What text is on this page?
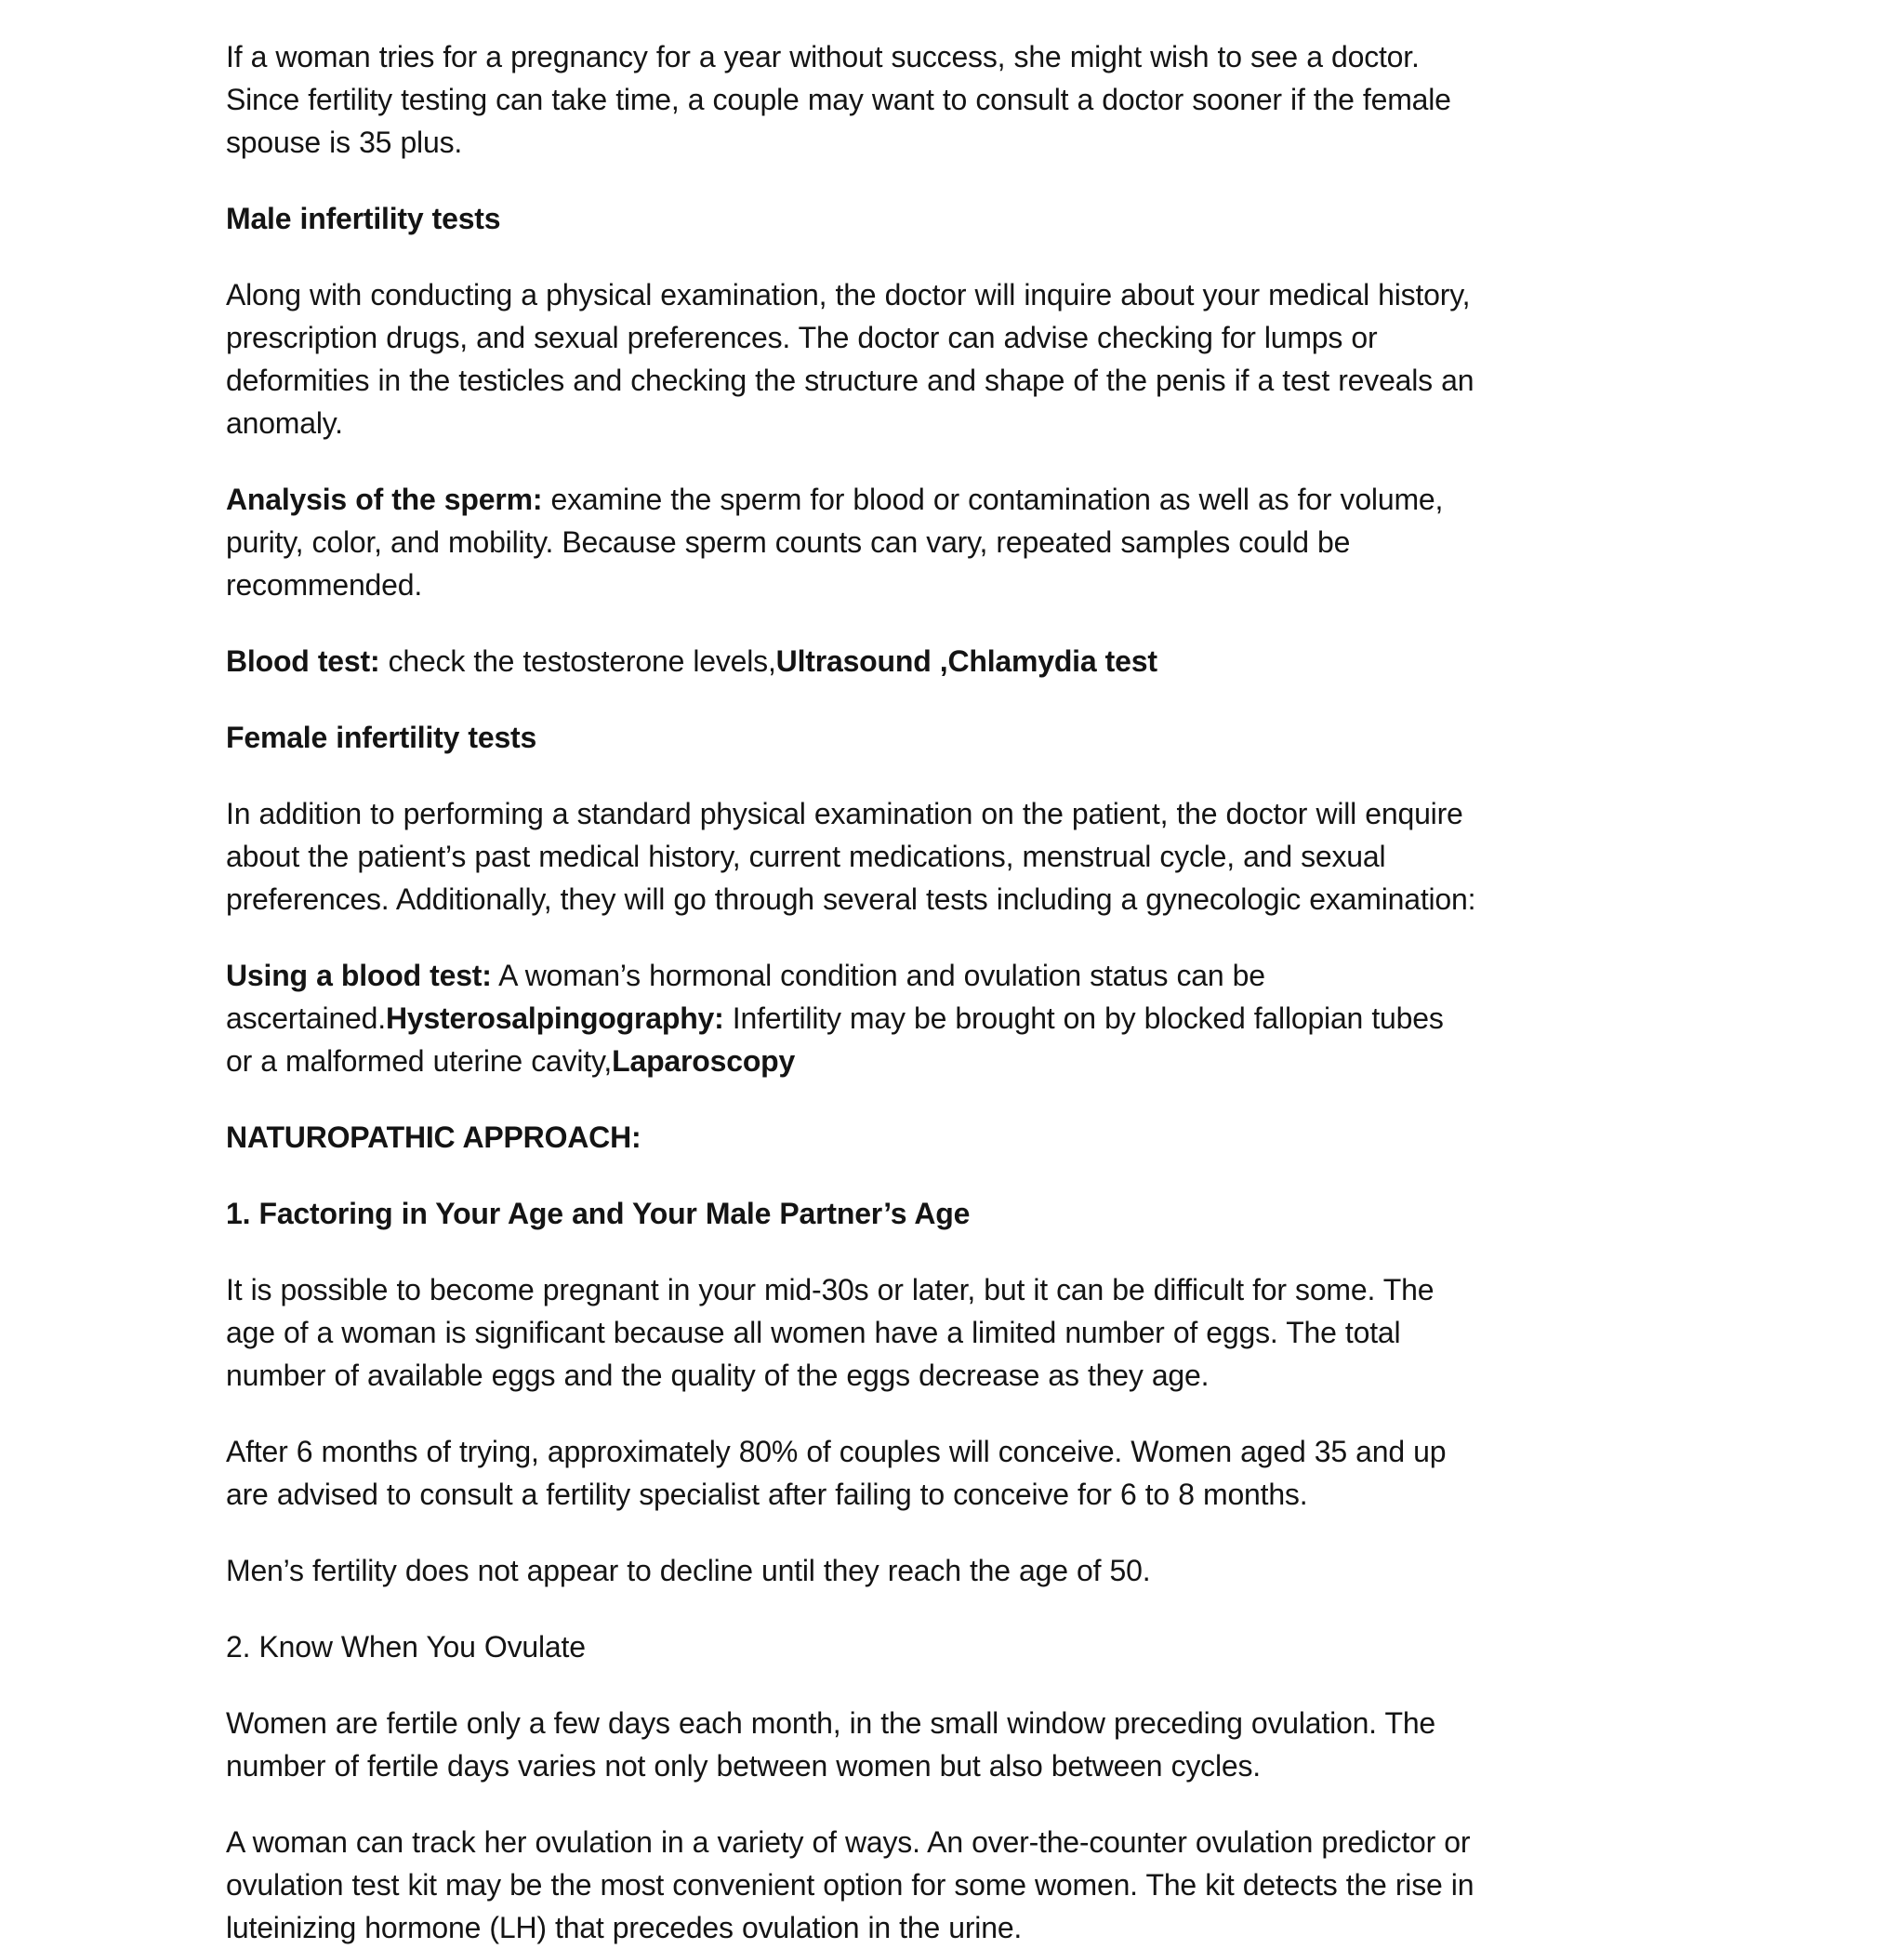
If a woman tries for a pregnancy for a year without success, she might wish to see a doctor. Since fertility testing can take time, a couple may want to consult a doctor sooner if the female spouse is 35 plus.

Male infertility tests

Along with conducting a physical examination, the doctor will inquire about your medical history, prescription drugs, and sexual preferences. The doctor can advise checking for lumps or deformities in the testicles and checking the structure and shape of the penis if a test reveals an anomaly.

Analysis of the sperm: examine the sperm for blood or contamination as well as for volume, purity, color, and mobility. Because sperm counts can vary, repeated samples could be recommended.

Blood test: check the testosterone levels,Ultrasound ,Chlamydia test

Female infertility tests

In addition to performing a standard physical examination on the patient, the doctor will enquire about the patient’s past medical history, current medications, menstrual cycle, and sexual preferences. Additionally, they will go through several tests including a gynecologic examination:

Using a blood test: A woman’s hormonal condition and ovulation status can be ascertained.Hysterosalpingography: Infertility may be brought on by blocked fallopian tubes or a malformed uterine cavity,Laparoscopy

NATUROPATHIC APPROACH:

1. Factoring in Your Age and Your Male Partner’s Age

It is possible to become pregnant in your mid-30s or later, but it can be difficult for some. The age of a woman is significant because all women have a limited number of eggs. The total number of available eggs and the quality of the eggs decrease as they age.

After 6 months of trying, approximately 80% of couples will conceive. Women aged 35 and up are advised to consult a fertility specialist after failing to conceive for 6 to 8 months.

Men’s fertility does not appear to decline until they reach the age of 50.

2. Know When You Ovulate

Women are fertile only a few days each month, in the small window preceding ovulation. The number of fertile days varies not only between women but also between cycles.

A woman can track her ovulation in a variety of ways. An over-the-counter ovulation predictor or ovulation test kit may be the most convenient option for some women. The kit detects the rise in luteinizing hormone (LH) that precedes ovulation in the urine.
